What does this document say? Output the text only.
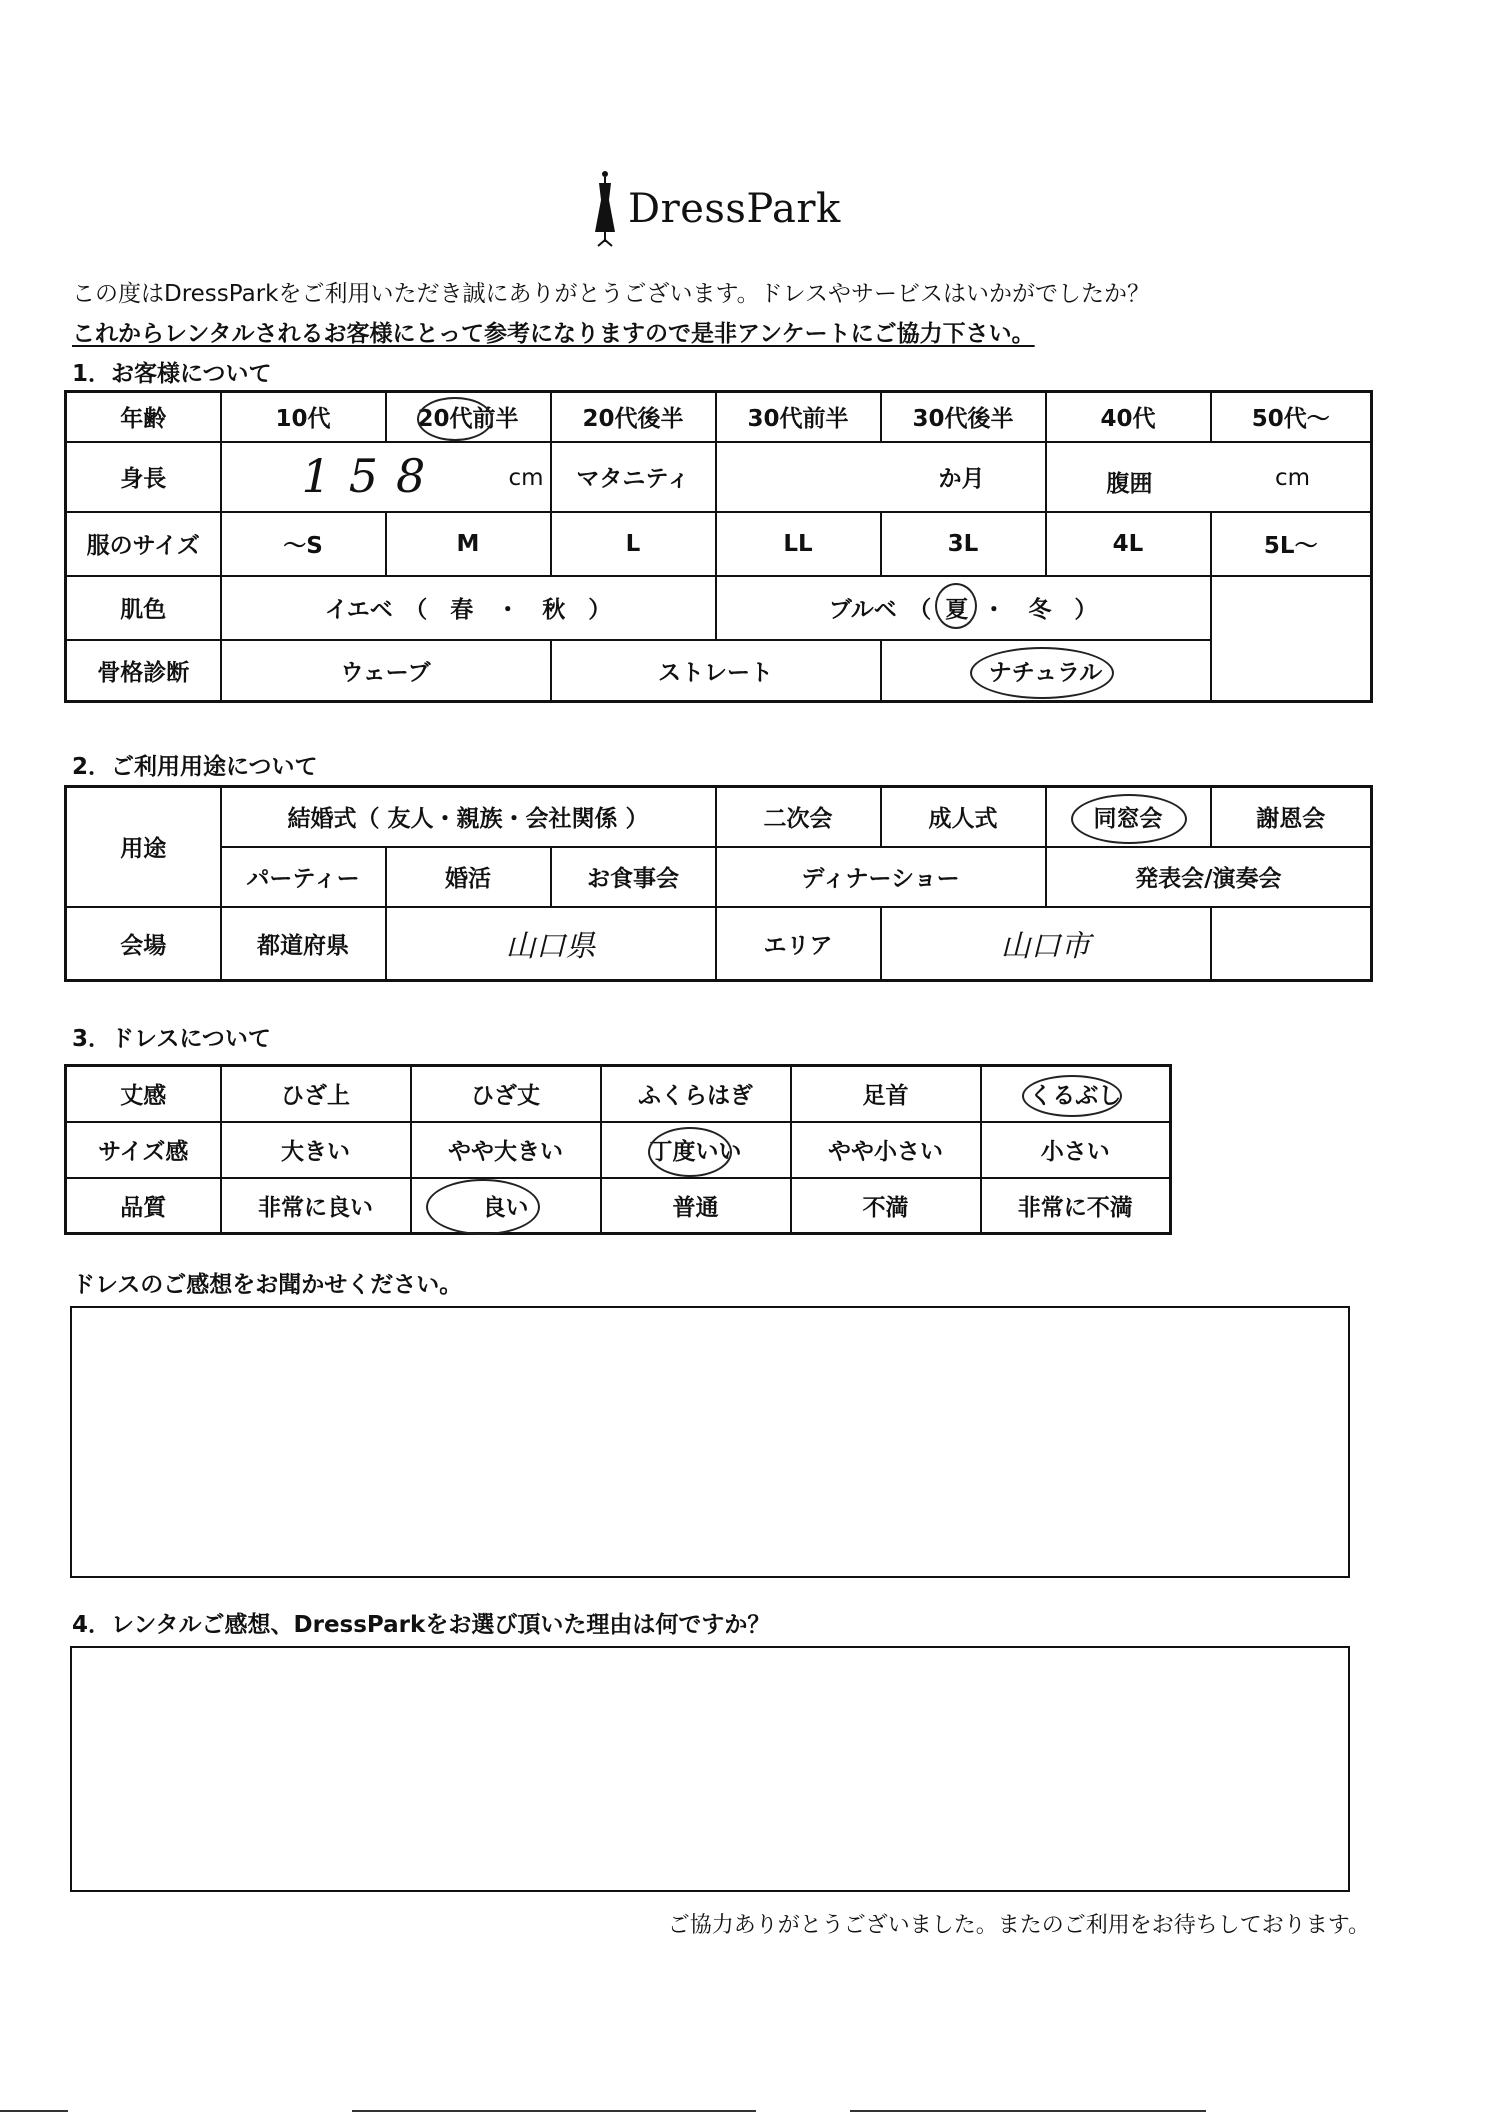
DressPark
この度はDressParkをご利用いただき誠にありがとうございます。ドレスやサービスはいかがでしたか？
これからレンタルされるお客様にとって参考になりますので是非アンケートにご協力下さい。
1．お客様について
年齢	10代	20代前半	20代後半	30代前半	30代後半	40代	50代〜
身長	158 cm		マタニティ	か月		腹囲 cm	

服のサイズ	〜S	M	L	LL	3L	4L	5L〜
肌色	イエベ　（　春　・　秋　）			ブルベ　（ 夏 ・　冬　）			
骨格診断	ウェーブ		ストレート		ナチュラル	

2．ご利用用途について
用途	結婚式（ 友人・親族・会社関係 ）			二次会	成人式	同窓会	謝恩会
	パーティー	婚活	お食事会	ディナーショー		発表会/演奏会	
会場	都道府県	山口県		エリア	山口市		
3．ドレスについて
丈感	ひざ上	ひざ丈	ふくらはぎ	足首	くるぶし

サイズ感	大きい	やや大きい	丁度いい	やや小さい	小さい
品質	非常に良い	良い	普通	不満	非常に不満
ドレスのご感想をお聞かせください。
4．レンタルご感想、DressParkをお選び頂いた理由は何ですか？
ご協力ありがとうございました。またのご利用をお待ちしております。
